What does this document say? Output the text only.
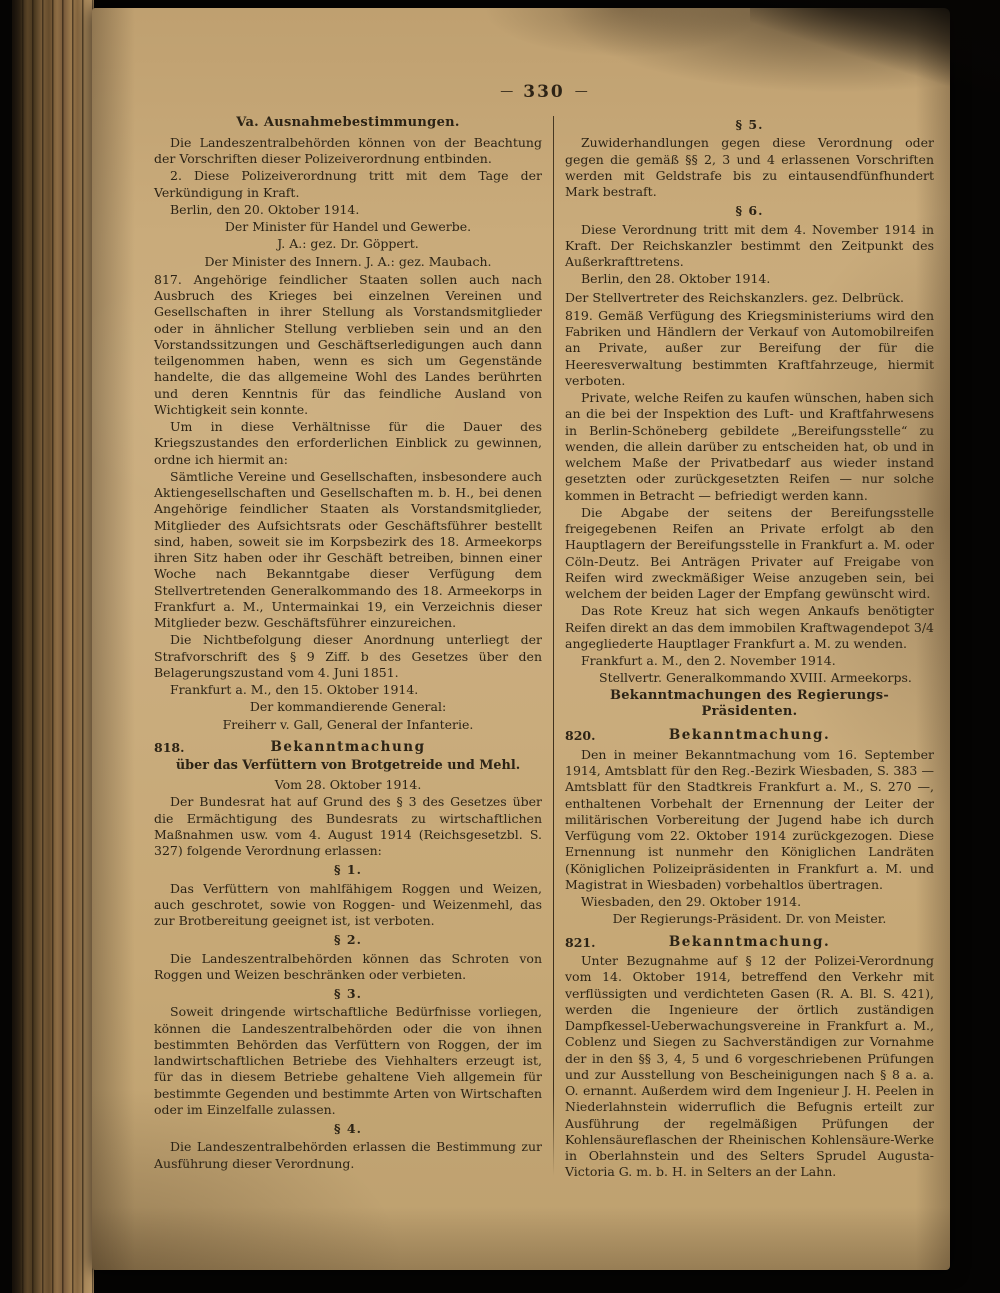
— 330 —

Va. Ausnahmebestimmungen.

Die Landeszentralbehörden können von der Beachtung der Vorschriften dieser Polizeiverordnung entbinden.

2. Diese Polizeiverordnung tritt mit dem Tage der Verkündigung in Kraft.

Berlin, den 20. Oktober 1914.

Der Minister für Handel und Gewerbe.

J. A.: gez. Dr. Göppert.

Der Minister des Innern. J. A.: gez. Maubach.

817. Angehörige feindlicher Staaten sollen auch nach Ausbruch des Krieges bei einzelnen Vereinen und Gesellschaften in ihrer Stellung als Vorstandsmitglieder oder in ähnlicher Stellung verblieben sein und an den Vorstandssitzungen und Geschäftserledigungen auch dann teilgenommen haben, wenn es sich um Gegenstände handelte, die das allgemeine Wohl des Landes berührten und deren Kenntnis für das feindliche Ausland von Wichtigkeit sein konnte.

Um in diese Verhältnisse für die Dauer des Kriegszustandes den erforderlichen Einblick zu gewinnen, ordne ich hiermit an:

Sämtliche Vereine und Gesellschaften, insbesondere auch Aktiengesellschaften und Gesellschaften m. b. H., bei denen Angehörige feindlicher Staaten als Vorstandsmitglieder, Mitglieder des Aufsichtsrats oder Geschäftsführer bestellt sind, haben, soweit sie im Korpsbezirk des 18. Armeekorps ihren Sitz haben oder ihr Geschäft betreiben, binnen einer Woche nach Bekanntgabe dieser Verfügung dem Stellvertretenden Generalkommando des 18. Armeekorps in Frankfurt a. M., Untermainkai 19, ein Verzeichnis dieser Mitglieder bezw. Geschäftsführer einzureichen.

Die Nichtbefolgung dieser Anordnung unterliegt der Strafvorschrift des § 9 Ziff. b des Gesetzes über den Belagerungszustand vom 4. Juni 1851.

Frankfurt a. M., den 15. Oktober 1914.

Der kommandierende General:

Freiherr v. Gall, General der Infanterie.

818.	Bekanntmachung

über das Verfüttern von Brotgetreide und Mehl.

Vom 28. Oktober 1914.

Der Bundesrat hat auf Grund des § 3 des Gesetzes über die Ermächtigung des Bundesrats zu wirtschaftlichen Maßnahmen usw. vom 4. August 1914 (Reichsgesetzbl. S. 327) folgende Verordnung erlassen:

§ 1.

Das Verfüttern von mahlfähigem Roggen und Weizen, auch geschrotet, sowie von Roggen- und Weizenmehl, das zur Brotbereitung geeignet ist, ist verboten.

§ 2.

Die Landeszentralbehörden können das Schroten von Roggen und Weizen beschränken oder verbieten.

§ 3.

Soweit dringende wirtschaftliche Bedürfnisse vorliegen, können die Landeszentralbehörden oder die von ihnen bestimmten Behörden das Verfüttern von Roggen, der im landwirtschaftlichen Betriebe des Viehhalters erzeugt ist, für das in diesem Betriebe gehaltene Vieh allgemein für bestimmte Gegenden und bestimmte Arten von Wirtschaften oder im Einzelfalle zulassen.

§ 4.

Die Landeszentralbehörden erlassen die Bestimmung zur Ausführung dieser Verordnung.

§ 5.

Zuwiderhandlungen gegen diese Verordnung oder gegen die gemäß §§ 2, 3 und 4 erlassenen Vorschriften werden mit Geldstrafe bis zu eintausendfünfhundert Mark bestraft.

§ 6.

Diese Verordnung tritt mit dem 4. November 1914 in Kraft. Der Reichskanzler bestimmt den Zeitpunkt des Außerkrafttretens.

Berlin, den 28. Oktober 1914.

Der Stellvertreter des Reichskanzlers. gez. Delbrück.

819. Gemäß Verfügung des Kriegsministeriums wird den Fabriken und Händlern der Verkauf von Automobilreifen an Private, außer zur Bereifung der für die Heeresverwaltung bestimmten Kraftfahrzeuge, hiermit verboten.

Private, welche Reifen zu kaufen wünschen, haben sich an die bei der Inspektion des Luft- und Kraftfahrwesens in Berlin-Schöneberg gebildete „Bereifungsstelle“ zu wenden, die allein darüber zu entscheiden hat, ob und in welchem Maße der Privatbedarf aus wieder instand gesetzten oder zurückgesetzten Reifen — nur solche kommen in Betracht — befriedigt werden kann.

Die Abgabe der seitens der Bereifungsstelle freigegebenen Reifen an Private erfolgt ab den Hauptlagern der Bereifungsstelle in Frankfurt a. M. oder Cöln-Deutz. Bei Anträgen Privater auf Freigabe von Reifen wird zweckmäßiger Weise anzugeben sein, bei welchem der beiden Lager der Empfang gewünscht wird.

Das Rote Kreuz hat sich wegen Ankaufs benötigter Reifen direkt an das dem immobilen Kraftwagendepot 3/4 angegliederte Hauptlager Frankfurt a. M. zu wenden.

Frankfurt a. M., den 2. November 1914.

Stellvertr. Generalkommando XVIII. Armeekorps.

Bekanntmachungen des Regierungs-Präsidenten.

820.	Bekanntmachung.

Den in meiner Bekanntmachung vom 16. September 1914, Amtsblatt für den Reg.-Bezirk Wiesbaden, S. 383 — Amtsblatt für den Stadtkreis Frankfurt a. M., S. 270 —, enthaltenen Vorbehalt der Ernennung der Leiter der militärischen Vorbereitung der Jugend habe ich durch Verfügung vom 22. Oktober 1914 zurückgezogen. Diese Ernennung ist nunmehr den Königlichen Landräten (Königlichen Polizeipräsidenten in Frankfurt a. M. und Magistrat in Wiesbaden) vorbehaltlos übertragen.

Wiesbaden, den 29. Oktober 1914.

Der Regierungs-Präsident. Dr. von Meister.

821.	Bekanntmachung.

Unter Bezugnahme auf § 12 der Polizei-Verordnung vom 14. Oktober 1914, betreffend den Verkehr mit verflüssigten und verdichteten Gasen (R. A. Bl. S. 421), werden die Ingenieure der örtlich zuständigen Dampfkessel-Ueberwachungsvereine in Frankfurt a. M., Coblenz und Siegen zu Sachverständigen zur Vornahme der in den §§ 3, 4, 5 und 6 vorgeschriebenen Prüfungen und zur Ausstellung von Bescheinigungen nach § 8 a. a. O. ernannt. Außerdem wird dem Ingenieur J. H. Peelen in Niederlahnstein widerruflich die Befugnis erteilt zur Ausführung der regelmäßigen Prüfungen der Kohlensäureflaschen der Rheinischen Kohlensäure-Werke in Oberlahnstein und des Selters Sprudel Augusta-Victoria G. m. b. H. in Selters an der Lahn.
